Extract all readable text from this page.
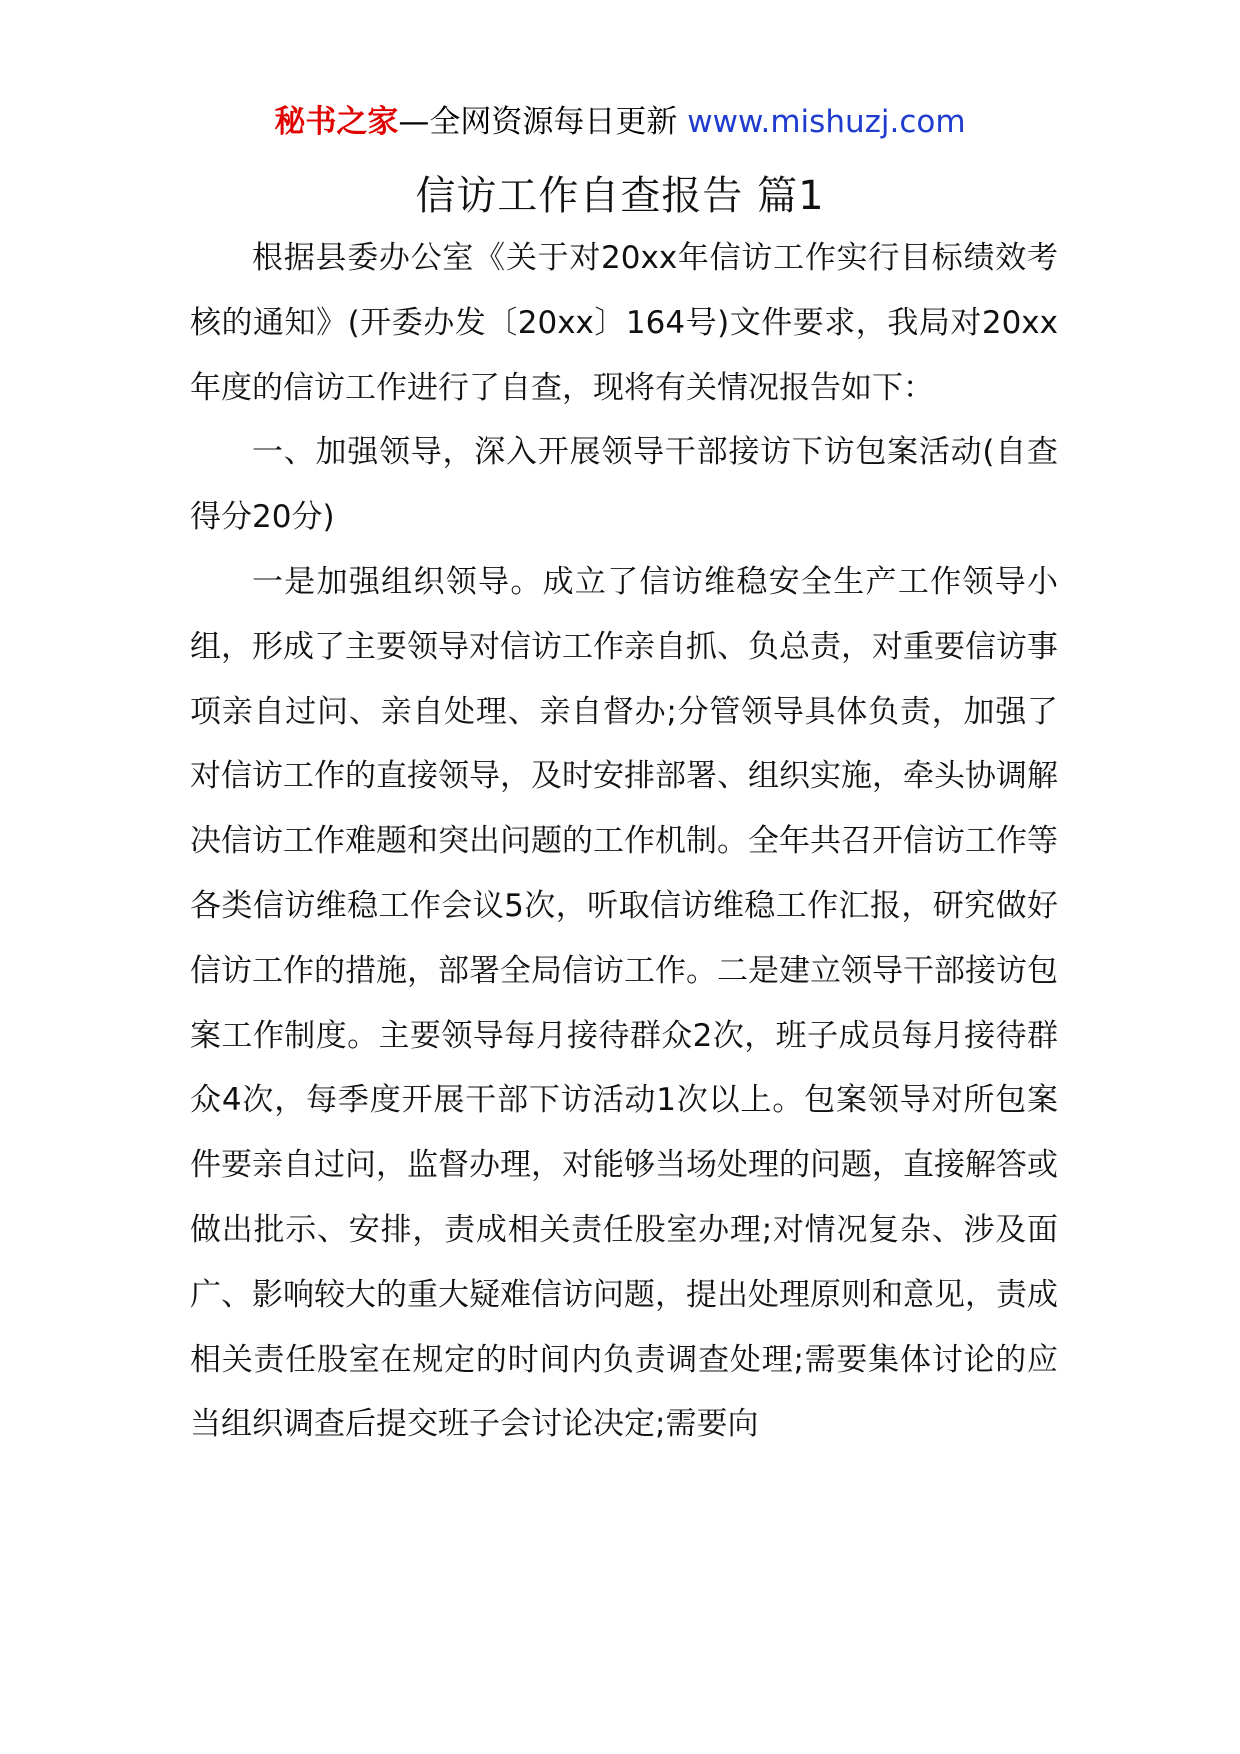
秘书之家—全网资源每日更新 www.mishuzj.com
信访工作自查报告 篇1

根据县委办公室《关于对20xx年信访工作实行目标绩效考核的通知》(开委办发〔20xx〕164号)文件要求，我局对20xx年度的信访工作进行了自查，现将有关情况报告如下：

一、加强领导，深入开展领导干部接访下访包案活动(自查得分20分)

一是加强组织领导。成立了信访维稳安全生产工作领导小组，形成了主要领导对信访工作亲自抓、负总责，对重要信访事项亲自过问、亲自处理、亲自督办;分管领导具体负责，加强了对信访工作的直接领导，及时安排部署、组织实施，牵头协调解决信访工作难题和突出问题的工作机制。全年共召开信访工作等各类信访维稳工作会议5次，听取信访维稳工作汇报，研究做好信访工作的措施，部署全局信访工作。二是建立领导干部接访包案工作制度。主要领导每月接待群众2次，班子成员每月接待群众4次，每季度开展干部下访活动1次以上。包案领导对所包案件要亲自过问，监督办理，对能够当场处理的问题，直接解答或做出批示、安排，责成相关责任股室办理;对情况复杂、涉及面广、影响较大的重大疑难信访问题，提出处理原则和意见，责成相关责任股室在规定的时间内负责调查处理;需要集体讨论的应当组织调查后提交班子会讨论决定;需要向
